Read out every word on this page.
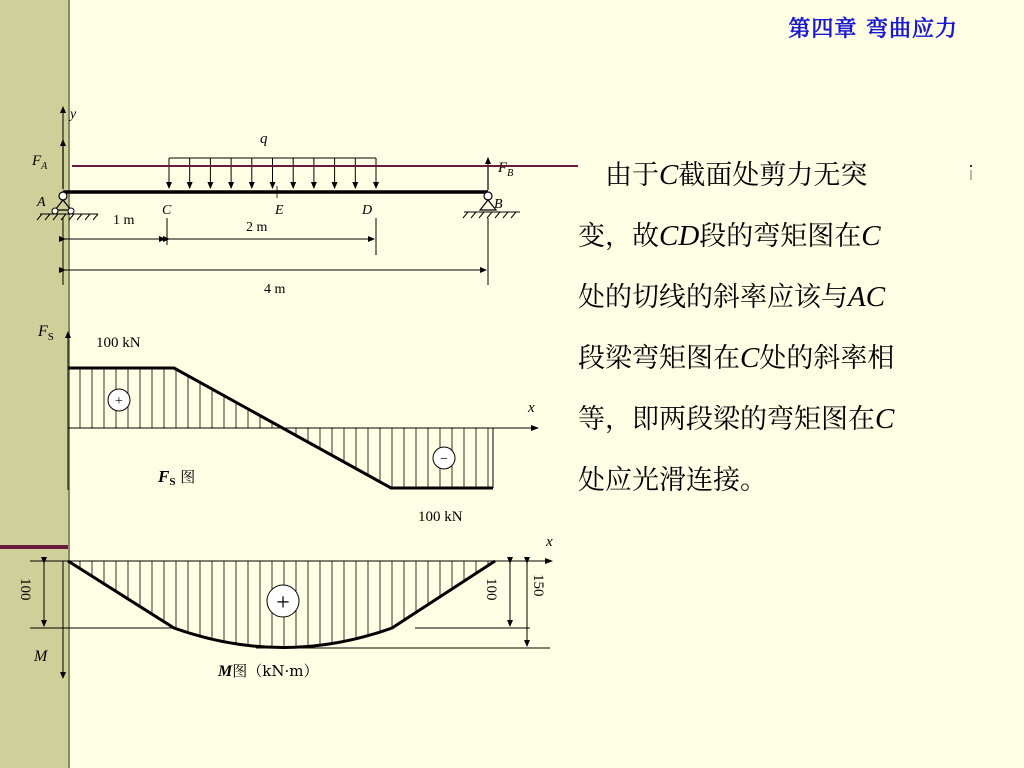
第四章 弯曲应力
y
$F_A$
q
$F_B$
A	B
C	E	D
1 m	2 m
4 m
$F_S$
x
100 kN
100 kN
+
−
FS 图
x
M
100	100 150
+
M图（kN·m）
　由于C截面处剪力无突
变，故CD段的弯矩图在C
处的切线的斜率应该与AC
段梁弯矩图在C处的斜率相
等，即两段梁的弯矩图在C
处应光滑连接。
